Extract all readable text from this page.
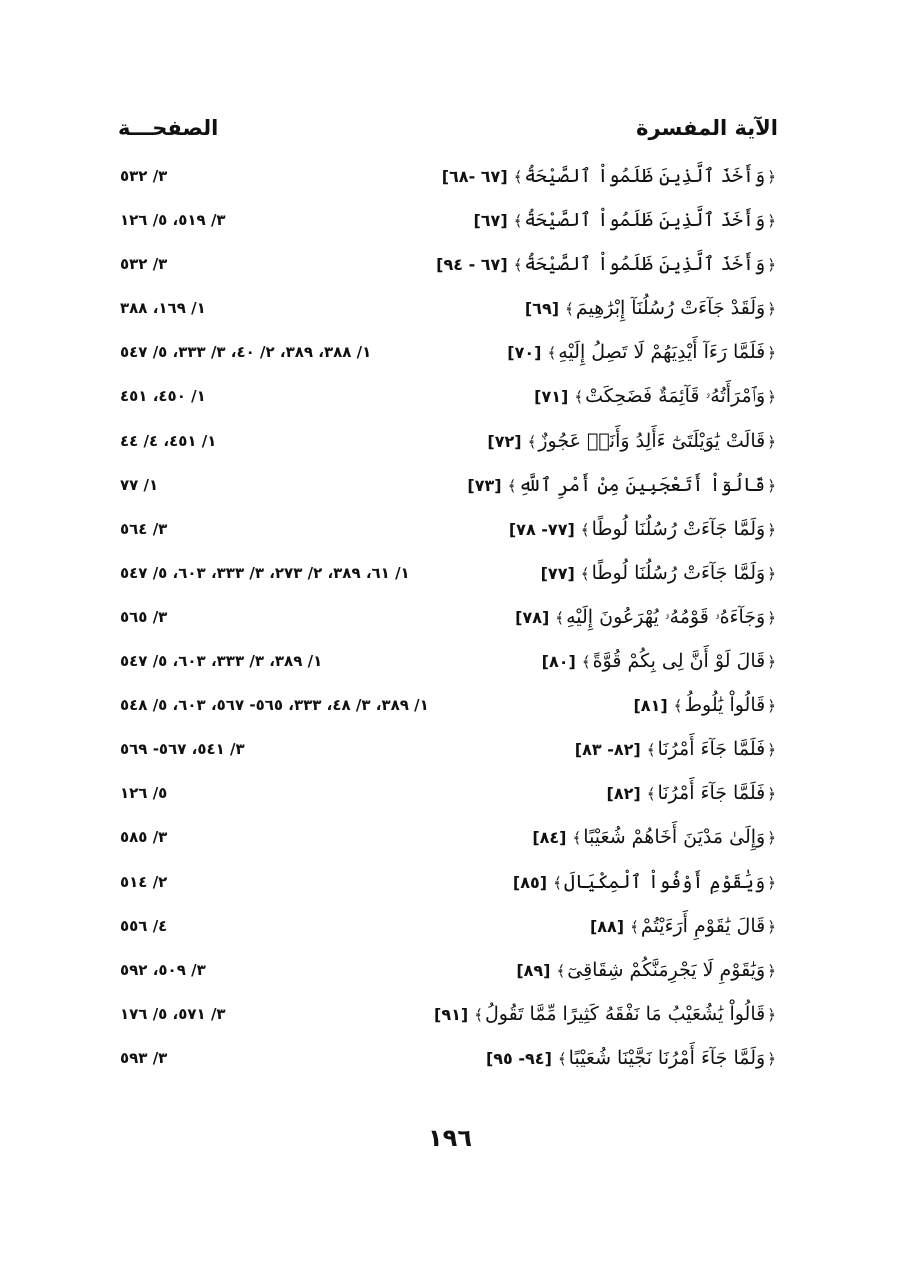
الآية المفسرة
الصفحـــة
﴿وَأَخَذَ ٱلَّذِينَ ظَلَمُواْ ٱلصَّيْحَةُ﴾[٦٧ -٦٨]
٣/ ٥٣٢
﴿وَأَخَذَ ٱلَّذِينَ ظَلَمُواْ ٱلصَّيْحَةُ﴾[٦٧]
٣/ ٥١٩، ٥/ ١٢٦
﴿وَأَخَذَ ٱلَّذِينَ ظَلَمُواْ ٱلصَّيْحَةُ﴾[٦٧ - ٩٤]
٣/ ٥٣٢
﴿وَلَقَدْ جَآءَتْ رُسُلُنَآ إِبْرَٰهِيمَ﴾[٦٩]
١/ ١٦٩، ٣٨٨
﴿فَلَمَّا رَءَآ أَيْدِيَهُمْ لَا تَصِلُ إِلَيْهِ﴾[٧٠]
١/ ٣٨٨، ٣٨٩، ٢/ ٤٠، ٣/ ٣٣٣، ٥/ ٥٤٧
﴿وَٱمْرَأَتُهُۥ قَآئِمَةٌ فَضَحِكَتْ﴾[٧١]
١/ ٤٥٠، ٤٥١
﴿قَالَتْ يَٰوَيْلَتَىٰٓ ءَأَلِدُ وَأَنَا۠ عَجُوزٌ﴾[٧٢]
١/ ٤٥١، ٤/ ٤٤
﴿قَالُوٓاْ أَتَعْجَبِينَ مِنْ أَمْرِ ٱللَّهِ﴾[٧٣]
١/ ٧٧
﴿وَلَمَّا جَآءَتْ رُسُلُنَا لُوطًا﴾[٧٧- ٧٨]
٣/ ٥٦٤
﴿وَلَمَّا جَآءَتْ رُسُلُنَا لُوطًا﴾[٧٧]
١/ ٦١، ٣٨٩، ٢/ ٢٧٣، ٣/ ٣٣٣، ٦٠٣، ٥/ ٥٤٧
﴿وَجَآءَهُۥ قَوْمُهُۥ يُهْرَعُونَ إِلَيْهِ﴾[٧٨]
٣/ ٥٦٥
﴿قَالَ لَوْ أَنَّ لِى بِكُمْ قُوَّةً﴾[٨٠]
١/ ٣٨٩، ٣/ ٣٣٣، ٦٠٣، ٥/ ٥٤٧
﴿قَالُواْ يَٰلُوطُ﴾[٨١]
١/ ٣٨٩، ٣/ ٤٨، ٣٣٣، ٥٦٥- ٥٦٧، ٦٠٣، ٥/ ٥٤٨
﴿فَلَمَّا جَآءَ أَمْرُنَا﴾[٨٢- ٨٣]
٣/ ٥٤١، ٥٦٧- ٥٦٩
﴿فَلَمَّا جَآءَ أَمْرُنَا﴾[٨٢]
٥/ ١٢٦
﴿وَإِلَىٰ مَدْيَنَ أَخَاهُمْ شُعَيْبًا﴾[٨٤]
٣/ ٥٨٥
﴿وَيَٰقَوْمِ أَوْفُواْ ٱلْمِكْيَالَ﴾[٨٥]
٢/ ٥١٤
﴿قَالَ يَٰقَوْمِ أَرَءَيْتُمْ﴾[٨٨]
٤/ ٥٥٦
﴿وَيَٰقَوْمِ لَا يَجْرِمَنَّكُمْ شِقَاقِىٓ﴾[٨٩]
٣/ ٥٠٩، ٥٩٢
﴿قَالُواْ يَٰشُعَيْبُ مَا نَفْقَهُ كَثِيرًا مِّمَّا تَقُولُ﴾[٩١]
٣/ ٥٧١، ٥/ ١٧٦
﴿وَلَمَّا جَآءَ أَمْرُنَا نَجَّيْنَا شُعَيْبًا﴾[٩٤- ٩٥]
٣/ ٥٩٣
١٩٦
